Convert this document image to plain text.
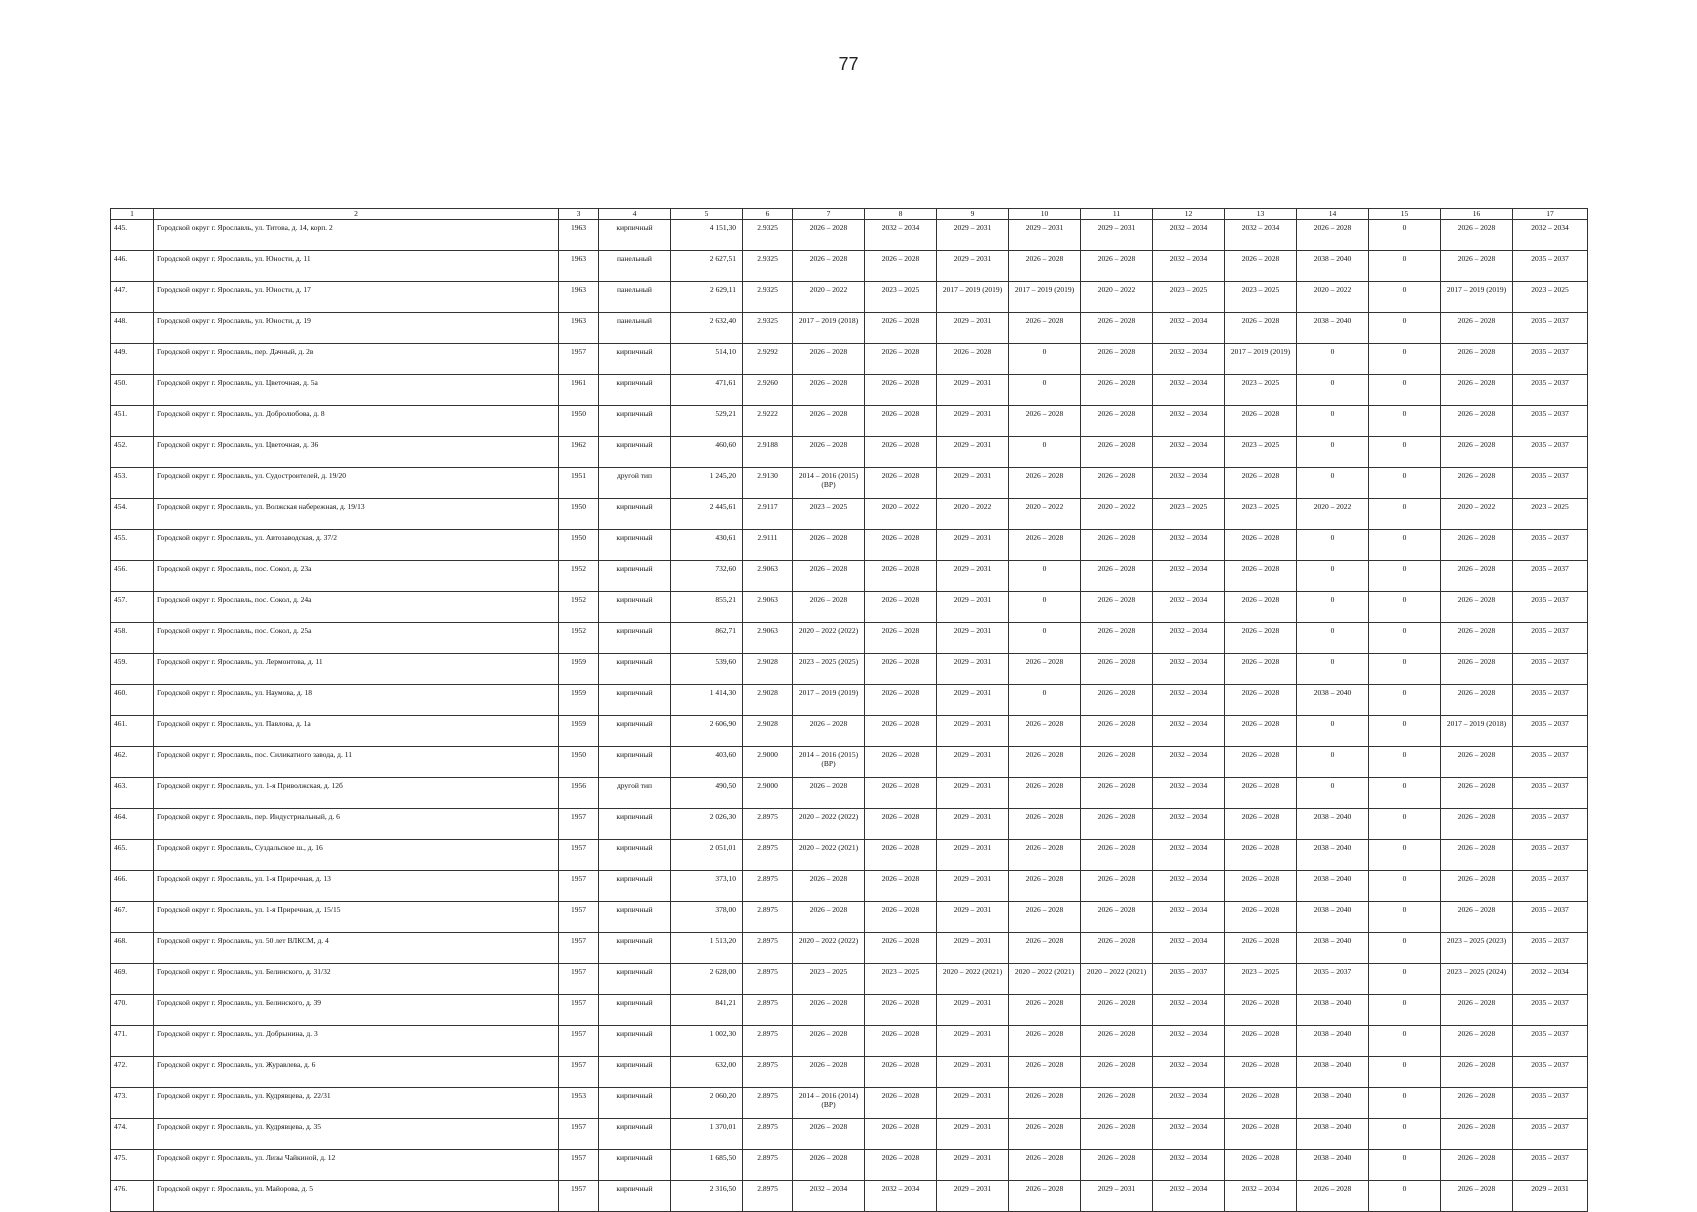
77
1	2	3	4	5	6	7	8	9	10	11	12	13	14	15	16	17
445.	Городской округ г. Ярославль, ул. Титова, д. 14, корп. 2	1963	кирпичный	4 151,30	2.9325	2026 – 2028	2032 – 2034	2029 – 2031	2029 – 2031	2029 – 2031	2032 – 2034	2032 – 2034	2026 – 2028	0	2026 – 2028	2032 – 2034
446.	Городской округ г. Ярославль, ул. Юности, д. 11	1963	панельный	2 627,51	2.9325	2026 – 2028	2026 – 2028	2029 – 2031	2026 – 2028	2026 – 2028	2032 – 2034	2026 – 2028	2038 – 2040	0	2026 – 2028	2035 – 2037
447.	Городской округ г. Ярославль, ул. Юности, д. 17	1963	панельный	2 629,11	2.9325	2020 – 2022	2023 – 2025	2017 – 2019 (2019)	2017 – 2019 (2019)	2020 – 2022	2023 – 2025	2023 – 2025	2020 – 2022	0	2017 – 2019 (2019)	2023 – 2025
448.	Городской округ г. Ярославль, ул. Юности, д. 19	1963	панельный	2 632,40	2.9325	2017 – 2019 (2018)	2026 – 2028	2029 – 2031	2026 – 2028	2026 – 2028	2032 – 2034	2026 – 2028	2038 – 2040	0	2026 – 2028	2035 – 2037
449.	Городской округ г. Ярославль, пер. Дачный, д. 2в	1957	кирпичный	514,10	2.9292	2026 – 2028	2026 – 2028	2026 – 2028	0	2026 – 2028	2032 – 2034	2017 – 2019 (2019)	0	0	2026 – 2028	2035 – 2037
450.	Городской округ г. Ярославль, ул. Цветочная, д. 5а	1961	кирпичный	471,61	2.9260	2026 – 2028	2026 – 2028	2029 – 2031	0	2026 – 2028	2032 – 2034	2023 – 2025	0	0	2026 – 2028	2035 – 2037
451.	Городской округ г. Ярославль, ул. Добролюбова, д. 8	1950	кирпичный	529,21	2.9222	2026 – 2028	2026 – 2028	2029 – 2031	2026 – 2028	2026 – 2028	2032 – 2034	2026 – 2028	0	0	2026 – 2028	2035 – 2037
452.	Городской округ г. Ярославль, ул. Цветочная, д. 36	1962	кирпичный	460,60	2.9188	2026 – 2028	2026 – 2028	2029 – 2031	0	2026 – 2028	2032 – 2034	2023 – 2025	0	0	2026 – 2028	2035 – 2037
453.	Городской округ г. Ярославль, ул. Судостроителей, д. 19/20	1951	другой тип	1 245,20	2.9130	2014 – 2016 (2015) (ВР)	2026 – 2028	2029 – 2031	2026 – 2028	2026 – 2028	2032 – 2034	2026 – 2028	0	0	2026 – 2028	2035 – 2037
454.	Городской округ г. Ярославль, ул. Волжская набережная, д. 19/13	1950	кирпичный	2 445,61	2.9117	2023 – 2025	2020 – 2022	2020 – 2022	2020 – 2022	2020 – 2022	2023 – 2025	2023 – 2025	2020 – 2022	0	2020 – 2022	2023 – 2025
455.	Городской округ г. Ярославль, ул. Автозаводская, д. 37/2	1950	кирпичный	430,61	2.9111	2026 – 2028	2026 – 2028	2029 – 2031	2026 – 2028	2026 – 2028	2032 – 2034	2026 – 2028	0	0	2026 – 2028	2035 – 2037
456.	Городской округ г. Ярославль, пос. Сокол, д. 23а	1952	кирпичный	732,60	2.9063	2026 – 2028	2026 – 2028	2029 – 2031	0	2026 – 2028	2032 – 2034	2026 – 2028	0	0	2026 – 2028	2035 – 2037
457.	Городской округ г. Ярославль, пос. Сокол, д. 24а	1952	кирпичный	855,21	2.9063	2026 – 2028	2026 – 2028	2029 – 2031	0	2026 – 2028	2032 – 2034	2026 – 2028	0	0	2026 – 2028	2035 – 2037
458.	Городской округ г. Ярославль, пос. Сокол, д. 25а	1952	кирпичный	862,71	2.9063	2020 – 2022 (2022)	2026 – 2028	2029 – 2031	0	2026 – 2028	2032 – 2034	2026 – 2028	0	0	2026 – 2028	2035 – 2037
459.	Городской округ г. Ярославль, ул. Лермонтова, д. 11	1959	кирпичный	539,60	2.9028	2023 – 2025 (2025)	2026 – 2028	2029 – 2031	2026 – 2028	2026 – 2028	2032 – 2034	2026 – 2028	0	0	2026 – 2028	2035 – 2037
460.	Городской округ г. Ярославль, ул. Наумова, д. 18	1959	кирпичный	1 414,30	2.9028	2017 – 2019 (2019)	2026 – 2028	2029 – 2031	0	2026 – 2028	2032 – 2034	2026 – 2028	2038 – 2040	0	2026 – 2028	2035 – 2037
461.	Городской округ г. Ярославль, ул. Павлова, д. 1а	1959	кирпичный	2 606,90	2.9028	2026 – 2028	2026 – 2028	2029 – 2031	2026 – 2028	2026 – 2028	2032 – 2034	2026 – 2028	0	0	2017 – 2019 (2018)	2035 – 2037
462.	Городской округ г. Ярославль, пос. Силикатного завода, д. 11	1950	кирпичный	403,60	2.9000	2014 – 2016 (2015) (ВР)	2026 – 2028	2029 – 2031	2026 – 2028	2026 – 2028	2032 – 2034	2026 – 2028	0	0	2026 – 2028	2035 – 2037
463.	Городской округ г. Ярославль, ул. 1-я Приволжская, д. 12б	1956	другой тип	490,50	2.9000	2026 – 2028	2026 – 2028	2029 – 2031	2026 – 2028	2026 – 2028	2032 – 2034	2026 – 2028	0	0	2026 – 2028	2035 – 2037
464.	Городской округ г. Ярославль, пер. Индустриальный, д. 6	1957	кирпичный	2 026,30	2.8975	2020 – 2022 (2022)	2026 – 2028	2029 – 2031	2026 – 2028	2026 – 2028	2032 – 2034	2026 – 2028	2038 – 2040	0	2026 – 2028	2035 – 2037
465.	Городской округ г. Ярославль, Суздальское ш., д. 16	1957	кирпичный	2 051,01	2.8975	2020 – 2022 (2021)	2026 – 2028	2029 – 2031	2026 – 2028	2026 – 2028	2032 – 2034	2026 – 2028	2038 – 2040	0	2026 – 2028	2035 – 2037
466.	Городской округ г. Ярославль, ул. 1-я Приречная, д. 13	1957	кирпичный	373,10	2.8975	2026 – 2028	2026 – 2028	2029 – 2031	2026 – 2028	2026 – 2028	2032 – 2034	2026 – 2028	2038 – 2040	0	2026 – 2028	2035 – 2037
467.	Городской округ г. Ярославль, ул. 1-я Приречная, д. 15/15	1957	кирпичный	378,00	2.8975	2026 – 2028	2026 – 2028	2029 – 2031	2026 – 2028	2026 – 2028	2032 – 2034	2026 – 2028	2038 – 2040	0	2026 – 2028	2035 – 2037
468.	Городской округ г. Ярославль, ул. 50 лет ВЛКСМ, д. 4	1957	кирпичный	1 513,20	2.8975	2020 – 2022 (2022)	2026 – 2028	2029 – 2031	2026 – 2028	2026 – 2028	2032 – 2034	2026 – 2028	2038 – 2040	0	2023 – 2025 (2023)	2035 – 2037
469.	Городской округ г. Ярославль, ул. Белинского, д. 31/32	1957	кирпичный	2 628,00	2.8975	2023 – 2025	2023 – 2025	2020 – 2022 (2021)	2020 – 2022 (2021)	2020 – 2022 (2021)	2035 – 2037	2023 – 2025	2035 – 2037	0	2023 – 2025 (2024)	2032 – 2034
470.	Городской округ г. Ярославль, ул. Белинского, д. 39	1957	кирпичный	841,21	2.8975	2026 – 2028	2026 – 2028	2029 – 2031	2026 – 2028	2026 – 2028	2032 – 2034	2026 – 2028	2038 – 2040	0	2026 – 2028	2035 – 2037
471.	Городской округ г. Ярославль, ул. Добрынина, д. 3	1957	кирпичный	1 002,30	2.8975	2026 – 2028	2026 – 2028	2029 – 2031	2026 – 2028	2026 – 2028	2032 – 2034	2026 – 2028	2038 – 2040	0	2026 – 2028	2035 – 2037
472.	Городской округ г. Ярославль, ул. Журавлева, д. 6	1957	кирпичный	632,00	2.8975	2026 – 2028	2026 – 2028	2029 – 2031	2026 – 2028	2026 – 2028	2032 – 2034	2026 – 2028	2038 – 2040	0	2026 – 2028	2035 – 2037
473.	Городской округ г. Ярославль, ул. Кудрявцева, д. 22/31	1953	кирпичный	2 060,20	2.8975	2014 – 2016 (2014) (ВР)	2026 – 2028	2029 – 2031	2026 – 2028	2026 – 2028	2032 – 2034	2026 – 2028	2038 – 2040	0	2026 – 2028	2035 – 2037
474.	Городской округ г. Ярославль, ул. Кудрявцева, д. 35	1957	кирпичный	1 370,01	2.8975	2026 – 2028	2026 – 2028	2029 – 2031	2026 – 2028	2026 – 2028	2032 – 2034	2026 – 2028	2038 – 2040	0	2026 – 2028	2035 – 2037
475.	Городской округ г. Ярославль, ул. Лизы Чайкиной, д. 12	1957	кирпичный	1 685,50	2.8975	2026 – 2028	2026 – 2028	2029 – 2031	2026 – 2028	2026 – 2028	2032 – 2034	2026 – 2028	2038 – 2040	0	2026 – 2028	2035 – 2037
476.	Городской округ г. Ярославль, ул. Майорова, д. 5	1957	кирпичный	2 316,50	2.8975	2032 – 2034	2032 – 2034	2029 – 2031	2026 – 2028	2029 – 2031	2032 – 2034	2032 – 2034	2026 – 2028	0	2026 – 2028	2029 – 2031
